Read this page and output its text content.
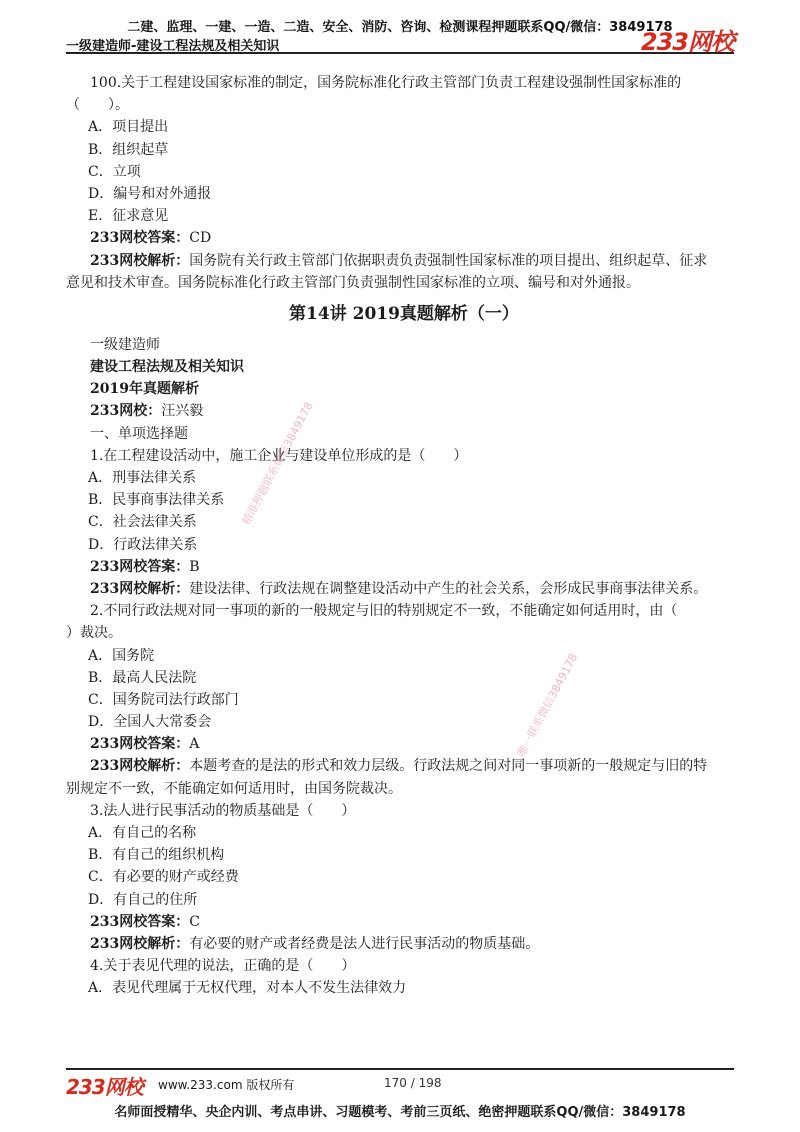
二建、监理、一建、一造、二造、安全、消防、咨询、检测课程押题联系QQ/微信：3849178
一级建造师-建设工程法规及相关知识	233网校
精准押题联系微信3849178
唯一联系微信3849178
100.关于工程建设国家标准的制定，国务院标准化行政主管部门负责工程建设强制性国家标准的
（　　）。
A．项目提出
B．组织起草
C．立项
D．编号和对外通报
E．征求意见
233网校答案：CD
233网校解析：国务院有关行政主管部门依据职责负责强制性国家标准的项目提出、组织起草、征求
意见和技术审查。国务院标准化行政主管部门负责强制性国家标准的立项、编号和对外通报。
第14讲 2019真题解析（一）
一级建造师
建设工程法规及相关知识
2019年真题解析
233网校：汪兴毅
一、单项选择题
1.在工程建设活动中，施工企业与建设单位形成的是（　　）
A．刑事法律关系
B．民事商事法律关系
C．社会法律关系
D．行政法律关系
233网校答案：B
233网校解析：建设法律、行政法规在调整建设活动中产生的社会关系，会形成民事商事法律关系。
2.不同行政法规对同一事项的新的一般规定与旧的特别规定不一致，不能确定如何适用时，由（
）裁决。
A．国务院
B．最高人民法院
C．国务院司法行政部门
D．全国人大常委会
233网校答案：A
233网校解析：本题考查的是法的形式和效力层级。行政法规之间对同一事项新的一般规定与旧的特
别规定不一致，不能确定如何适用时，由国务院裁决。
3.法人进行民事活动的物质基础是（　　）
A．有自己的名称
B．有自己的组织机构
C．有必要的财产或经费
D．有自己的住所
233网校答案：C
233网校解析：有必要的财产或者经费是法人进行民事活动的物质基础。
4.关于表见代理的说法，正确的是（　　）
A．表见代理属于无权代理，对本人不发生法律效力
233网校 www.233.com 版权所有	170 / 198
名师面授精华、央企内训、考点串讲、习题模考、考前三页纸、绝密押题联系QQ/微信：3849178
